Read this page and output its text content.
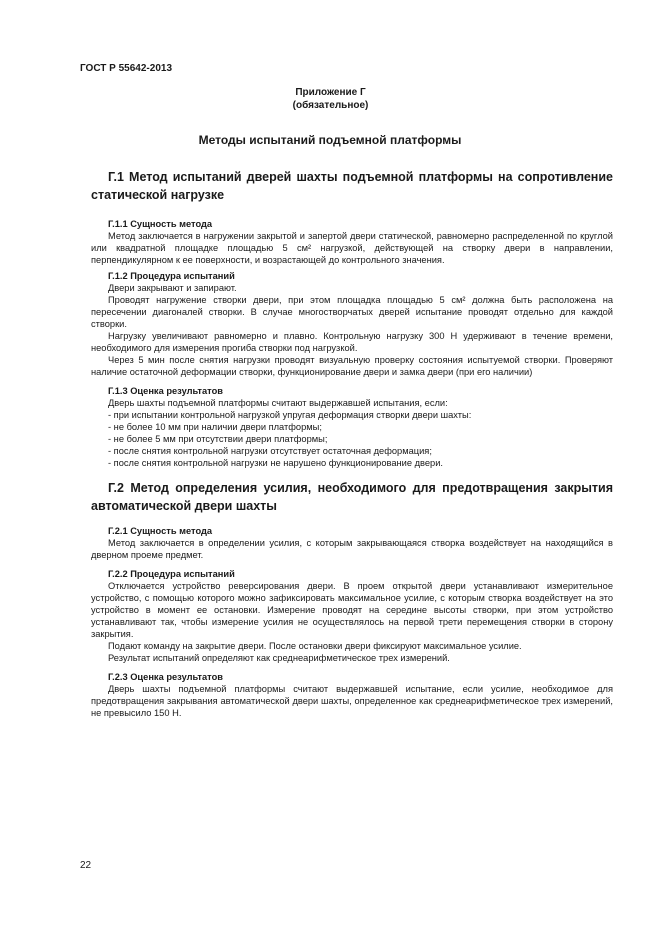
ГОСТ Р 55642-2013
Приложение Г
(обязательное)
Методы испытаний подъемной платформы

Г.1 Метод испытаний дверей шахты подъемной платформы на сопротивление статической нагрузке

Г.1.1 Сущность метода

Метод заключается в нагружении закрытой и запертой двери статической, равномерно распределенной по круглой или квадратной площадке площадью 5 см² нагрузкой, действующей на створку двери в направлении, перпендикулярном к ее поверхности, и возрастающей до контрольного значения.

Г.1.2 Процедура испытаний

Двери закрывают и запирают.

Проводят нагружение створки двери, при этом площадка площадью 5 см² должна быть расположена на пересечении диагоналей створки. В случае многостворчатых дверей испытание проводят отдельно для каждой створки.

Нагрузку увеличивают равномерно и плавно. Контрольную нагрузку 300 Н удерживают в течение времени, необходимого для измерения прогиба створки под нагрузкой.

Через 5 мин после снятия нагрузки проводят визуальную проверку состояния испытуемой створки. Проверяют наличие остаточной деформации створки, функционирование двери и замка двери (при его наличии)

Г.1.3 Оценка результатов

Дверь шахты подъемной платформы считают выдержавшей испытания, если:

- при испытании контрольной нагрузкой упругая деформация створки двери шахты:

- не более 10 мм при наличии двери платформы;

- не более 5 мм при отсутствии двери платформы;

- после снятия контрольной нагрузки отсутствует остаточная деформация;

- после снятия контрольной нагрузки не нарушено функционирование двери.

Г.2 Метод определения усилия, необходимого для предотвращения закрытия автоматической двери шахты

Г.2.1 Сущность метода

Метод заключается в определении усилия, с которым закрывающаяся створка воздействует на находящийся в дверном проеме предмет.

Г.2.2 Процедура испытаний

Отключается устройство реверсирования двери. В проем открытой двери устанавливают измерительное устройство, с помощью которого можно зафиксировать максимальное усилие, с которым створка воздействует на это устройство в момент ее остановки. Измерение проводят на середине высоты створки, при этом устройство устанавливают так, чтобы измерение усилия не осуществлялось на первой трети перемещения створки в сторону закрытия.

Подают команду на закрытие двери. После остановки двери фиксируют максимальное усилие.

Результат испытаний определяют как среднеарифметическое трех измерений.

Г.2.3 Оценка результатов

Дверь шахты подъемной платформы считают выдержавшей испытание, если усилие, необходимое для предотвращения закрывания автоматической двери шахты, определенное как среднеарифметическое трех измерений, не превысило 150 Н.

22
